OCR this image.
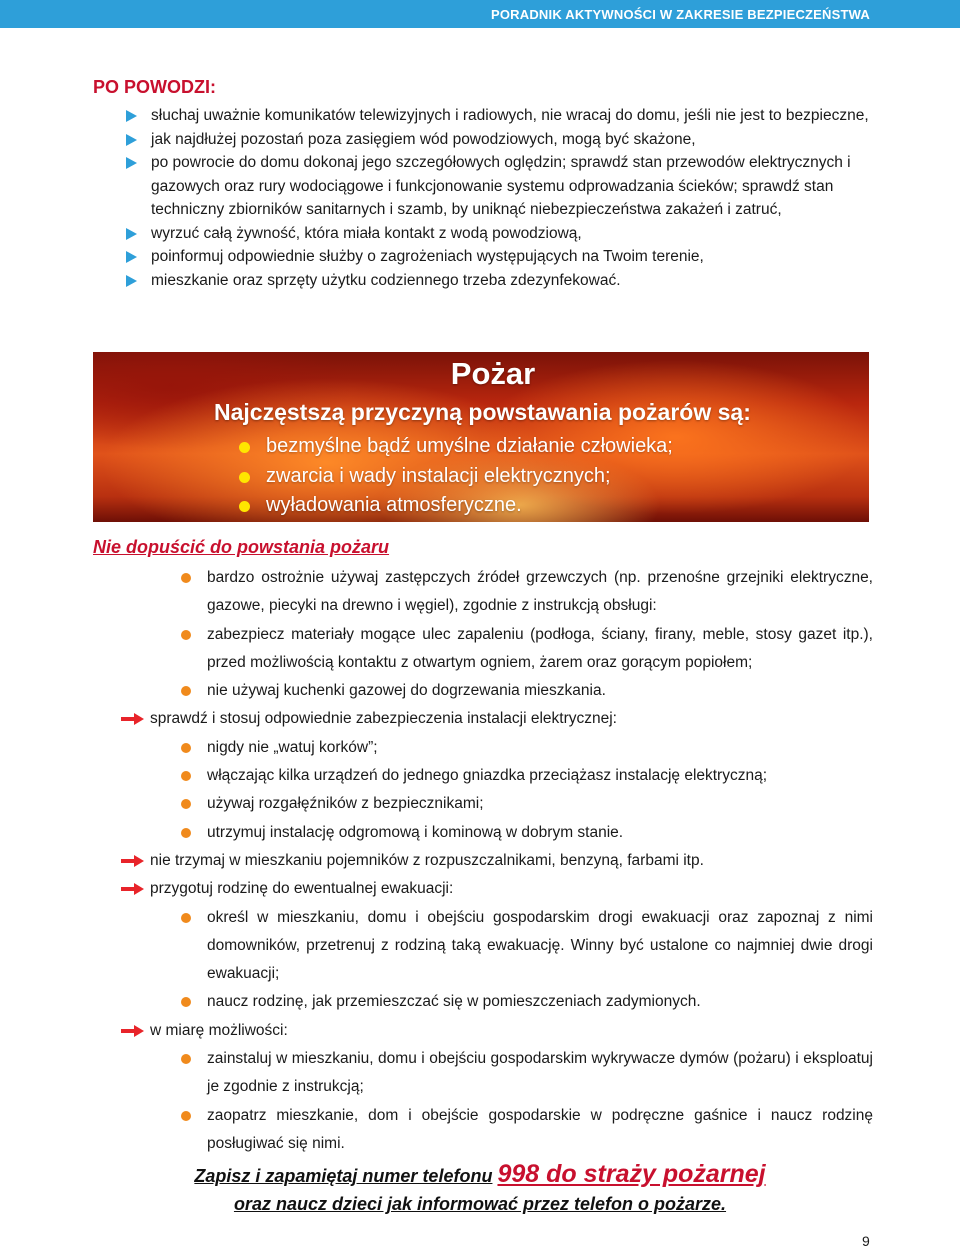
PORADNIK AKTYWNOŚCI W ZAKRESIE BEZPIECZEŃSTWA
PO POWODZI:
słuchaj uważnie komunikatów telewizyjnych i radiowych, nie wracaj do domu, jeśli nie jest to bezpieczne,
jak najdłużej pozostań poza zasięgiem wód powodziowych, mogą być skażone,
po powrocie do domu dokonaj jego szczegółowych oględzin; sprawdź stan przewodów elektrycznych i gazowych oraz rury wodociągowe i funkcjonowanie systemu odprowadzania ścieków; sprawdź stan techniczny zbiorników sanitarnych i szamb, by uniknąć niebezpieczeństwa zakażeń i zatruć,
wyrzuć całą żywność, która miała kontakt z wodą powodziową,
poinformuj odpowiednie służby o zagrożeniach występujących na Twoim terenie,
mieszkanie oraz sprzęty użytku codziennego trzeba zdezynfekować.
Pożar
Najczęstszą przyczyną powstawania pożarów są:
bezmyślne bądź umyślne działanie człowieka;
zwarcia i wady instalacji elektrycznych;
wyładowania atmosferyczne.
Nie dopuścić do powstania pożaru
bardzo ostrożnie używaj zastępczych źródeł grzewczych (np. przenośne grzejniki elektryczne, gazowe, piecyki na drewno i węgiel), zgodnie z instrukcją obsługi:
zabezpiecz materiały mogące ulec zapaleniu (podłoga, ściany, firany, meble, stosy gazet itp.), przed możliwością kontaktu z otwartym ogniem, żarem oraz gorącym popiołem;
nie używaj kuchenki gazowej do dogrzewania mieszkania.
sprawdź i stosuj odpowiednie zabezpieczenia instalacji elektrycznej:
nigdy nie „watuj korków”;
włączając kilka urządzeń do jednego gniazdka przeciążasz instalację elektryczną;
używaj rozgałęźników z bezpiecznikami;
utrzymuj instalację odgromową i kominową w dobrym stanie.
nie trzymaj w mieszkaniu pojemników z rozpuszczalnikami, benzyną, farbami itp.
przygotuj rodzinę do ewentualnej ewakuacji:
określ w mieszkaniu, domu i obejściu gospodarskim drogi ewakuacji oraz zapoznaj z nimi domowników, przetrenuj z rodziną taką ewakuację. Winny być ustalone co najmniej dwie drogi ewakuacji;
naucz rodzinę, jak przemieszczać się w pomieszczeniach zadymionych.
w miarę możliwości:
zainstaluj w mieszkaniu, domu i obejściu gospodarskim wykrywacze dymów (pożaru) i eksploatuj je zgodnie z instrukcją;
zaopatrz mieszkanie, dom i obejście gospodarskie w podręczne gaśnice i naucz rodzinę posługiwać się nimi.
Zapisz i zapamiętaj numer telefonu 998 do straży pożarnej
oraz naucz dzieci jak informować przez telefon o pożarze.
9
